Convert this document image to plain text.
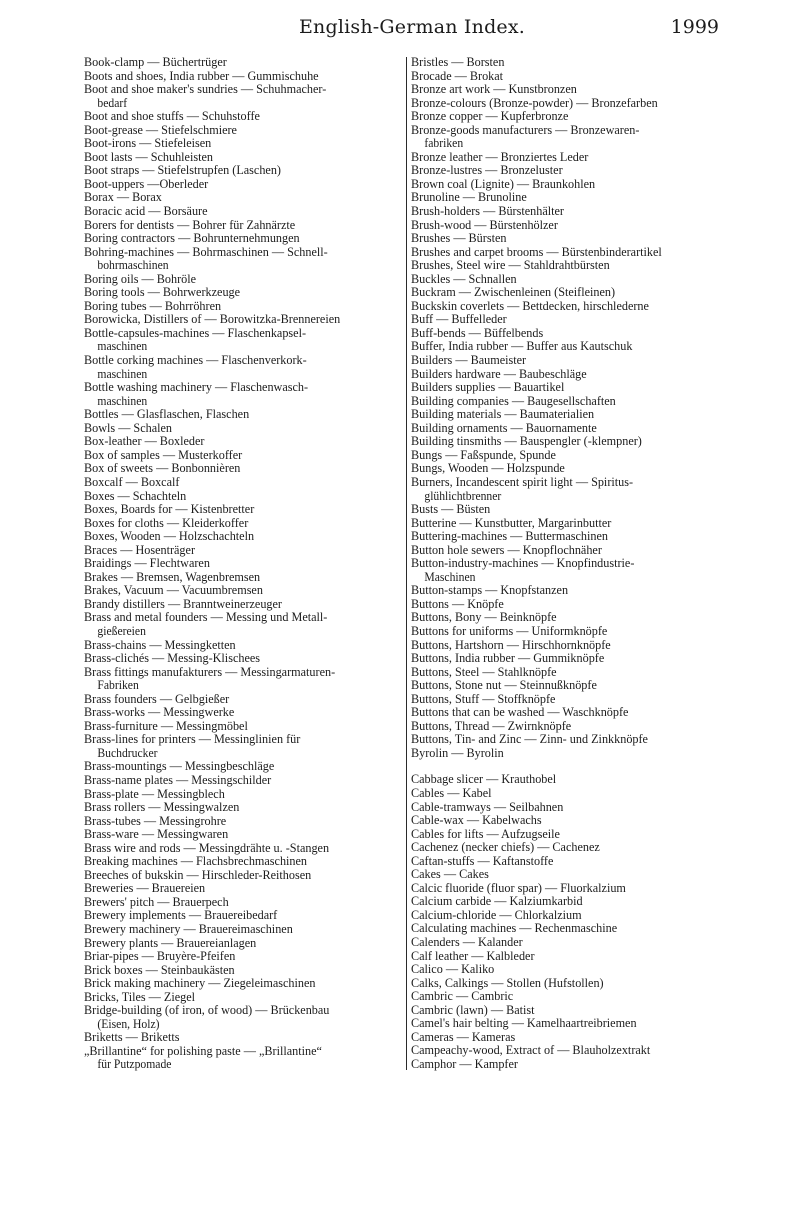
English-German Index.	1999
Book-clamp — Büchertrüger
Boots and shoes, India rubber — Gummischuhe
Boot and shoe maker's sundries — Schuhmacher-
bedarf
Boot and shoe stuffs — Schuhstoffe
Boot-grease — Stiefelschmiere
Boot-irons — Stiefeleisen
Boot lasts — Schuhleisten
Boot straps — Stiefelstrupfen (Laschen)
Boot-uppers —Oberleder
Borax — Borax
Boracic acid — Borsäure
Borers for dentists — Bohrer für Zahnärzte
Boring contractors — Bohrunternehmungen
Bohring-machines — Bohrmaschinen — Schnell-
bohrmaschinen
Boring oils — Bohröle
Boring tools — Bohrwerkzeuge
Boring tubes — Bohrröhren
Borowicka, Distillers of — Borowitzka-Brennereien
Bottle-capsules-machines — Flaschenkapsel-
maschinen
Bottle corking machines — Flaschenverkork-
maschinen
Bottle washing machinery — Flaschenwasch-
maschinen
Bottles — Glasflaschen, Flaschen
Bowls — Schalen
Box-leather — Boxleder
Box of samples — Musterkoffer
Box of sweets — Bonbonnièren
Boxcalf — Boxcalf
Boxes — Schachteln
Boxes, Boards for — Kistenbretter
Boxes for cloths — Kleiderkoffer
Boxes, Wooden — Holzschachteln
Braces — Hosenträger
Braidings — Flechtwaren
Brakes — Bremsen, Wagenbremsen
Brakes, Vacuum — Vacuumbremsen
Brandy distillers — Branntweinerzeuger
Brass and metal founders — Messing und Metall-
gießereien
Brass-chains — Messingketten
Brass-clichés — Messing-Klischees
Brass fittings manufakturers — Messingarmaturen-
Fabriken
Brass founders — Gelbgießer
Brass-works — Messingwerke
Brass-furniture — Messingmöbel
Brass-lines for printers — Messinglinien für
Buchdrucker
Brass-mountings — Messingbeschläge
Brass-name plates — Messingschilder
Brass-plate — Messingblech
Brass rollers — Messingwalzen
Brass-tubes — Messingrohre
Brass-ware — Messingwaren
Brass wire and rods — Messingdrähte u. -Stangen
Breaking machines — Flachsbrechmaschinen
Breeches of bukskin — Hirschleder-Reithosen
Breweries — Brauereien
Brewers' pitch — Brauerpech
Brewery implements — Brauereibedarf
Brewery machinery — Brauereimaschinen
Brewery plants — Brauereianlagen
Briar-pipes — Bruyère-Pfeifen
Brick boxes — Steinbaukästen
Brick making machinery — Ziegeleimaschinen
Bricks, Tiles — Ziegel
Bridge-building (of iron, of wood) — Brückenbau
(Eisen, Holz)
Briketts — Briketts
„Brillantine“ for polishing paste — „Brillantine“
für Putzpomade
Bristles — Borsten
Brocade — Brokat
Bronze art work — Kunstbronzen
Bronze-colours (Bronze-powder) — Bronzefarben
Bronze copper — Kupferbronze
Bronze-goods manufacturers — Bronzewaren-
fabriken
Bronze leather — Bronziertes Leder
Bronze-lustres — Bronzeluster
Brown coal (Lignite) — Braunkohlen
Brunoline — Brunoline
Brush-holders — Bürstenhälter
Brush-wood — Bürstenhölzer
Brushes — Bürsten
Brushes and carpet brooms — Bürstenbinderartikel
Brushes, Steel wire — Stahldrahtbürsten
Buckles — Schnallen
Buckram — Zwischenleinen (Steifleinen)
Buckskin coverlets — Bettdecken, hirschlederne
Buff — Buffelleder
Buff-bends — Büffelbends
Buffer, India rubber — Buffer aus Kautschuk
Builders — Baumeister
Builders hardware — Baubeschläge
Builders supplies — Bauartikel
Building companies — Baugesellschaften
Building materials — Baumaterialien
Building ornaments — Bauornamente
Building tinsmiths — Bauspengler (-klempner)
Bungs — Faßspunde, Spunde
Bungs, Wooden — Holzspunde
Burners, Incandescent spirit light — Spiritus-
glühlichtbrenner
Busts — Büsten
Butterine — Kunstbutter, Margarinbutter
Buttering-machines — Buttermaschinen
Button hole sewers — Knopflochnäher
Button-industry-machines — Knopfindustrie-
Maschinen
Button-stamps — Knopfstanzen
Buttons — Knöpfe
Buttons, Bony — Beinknöpfe
Buttons for uniforms — Uniformknöpfe
Buttons, Hartshorn — Hirschhornknöpfe
Buttons, India rubber — Gummiknöpfe
Buttons, Steel — Stahlknöpfe
Buttons, Stone nut — Steinnußknöpfe
Buttons, Stuff — Stoffknöpfe
Buttons that can be washed — Waschknöpfe
Buttons, Thread — Zwirnknöpfe
Buttons, Tin- and Zinc — Zinn- und Zinkknöpfe
Byrolin — Byrolin
Cabbage slicer — Krauthobel
Cables — Kabel
Cable-tramways — Seilbahnen
Cable-wax — Kabelwachs
Cables for lifts — Aufzugseile
Cachenez (necker chiefs) — Cachenez
Caftan-stuffs — Kaftanstoffe
Cakes — Cakes
Calcic fluoride (fluor spar) — Fluorkalzium
Calcium carbide — Kalziumkarbid
Calcium-chloride — Chlorkalzium
Calculating machines — Rechenmaschine
Calenders — Kalander
Calf leather — Kalbleder
Calico — Kaliko
Calks, Calkings — Stollen (Hufstollen)
Cambric — Cambric
Cambric (lawn) — Batist
Camel's hair belting — Kamelhaartreibriemen
Cameras — Kameras
Campeachy-wood, Extract of — Blauholzextrakt
Camphor — Kampfer
